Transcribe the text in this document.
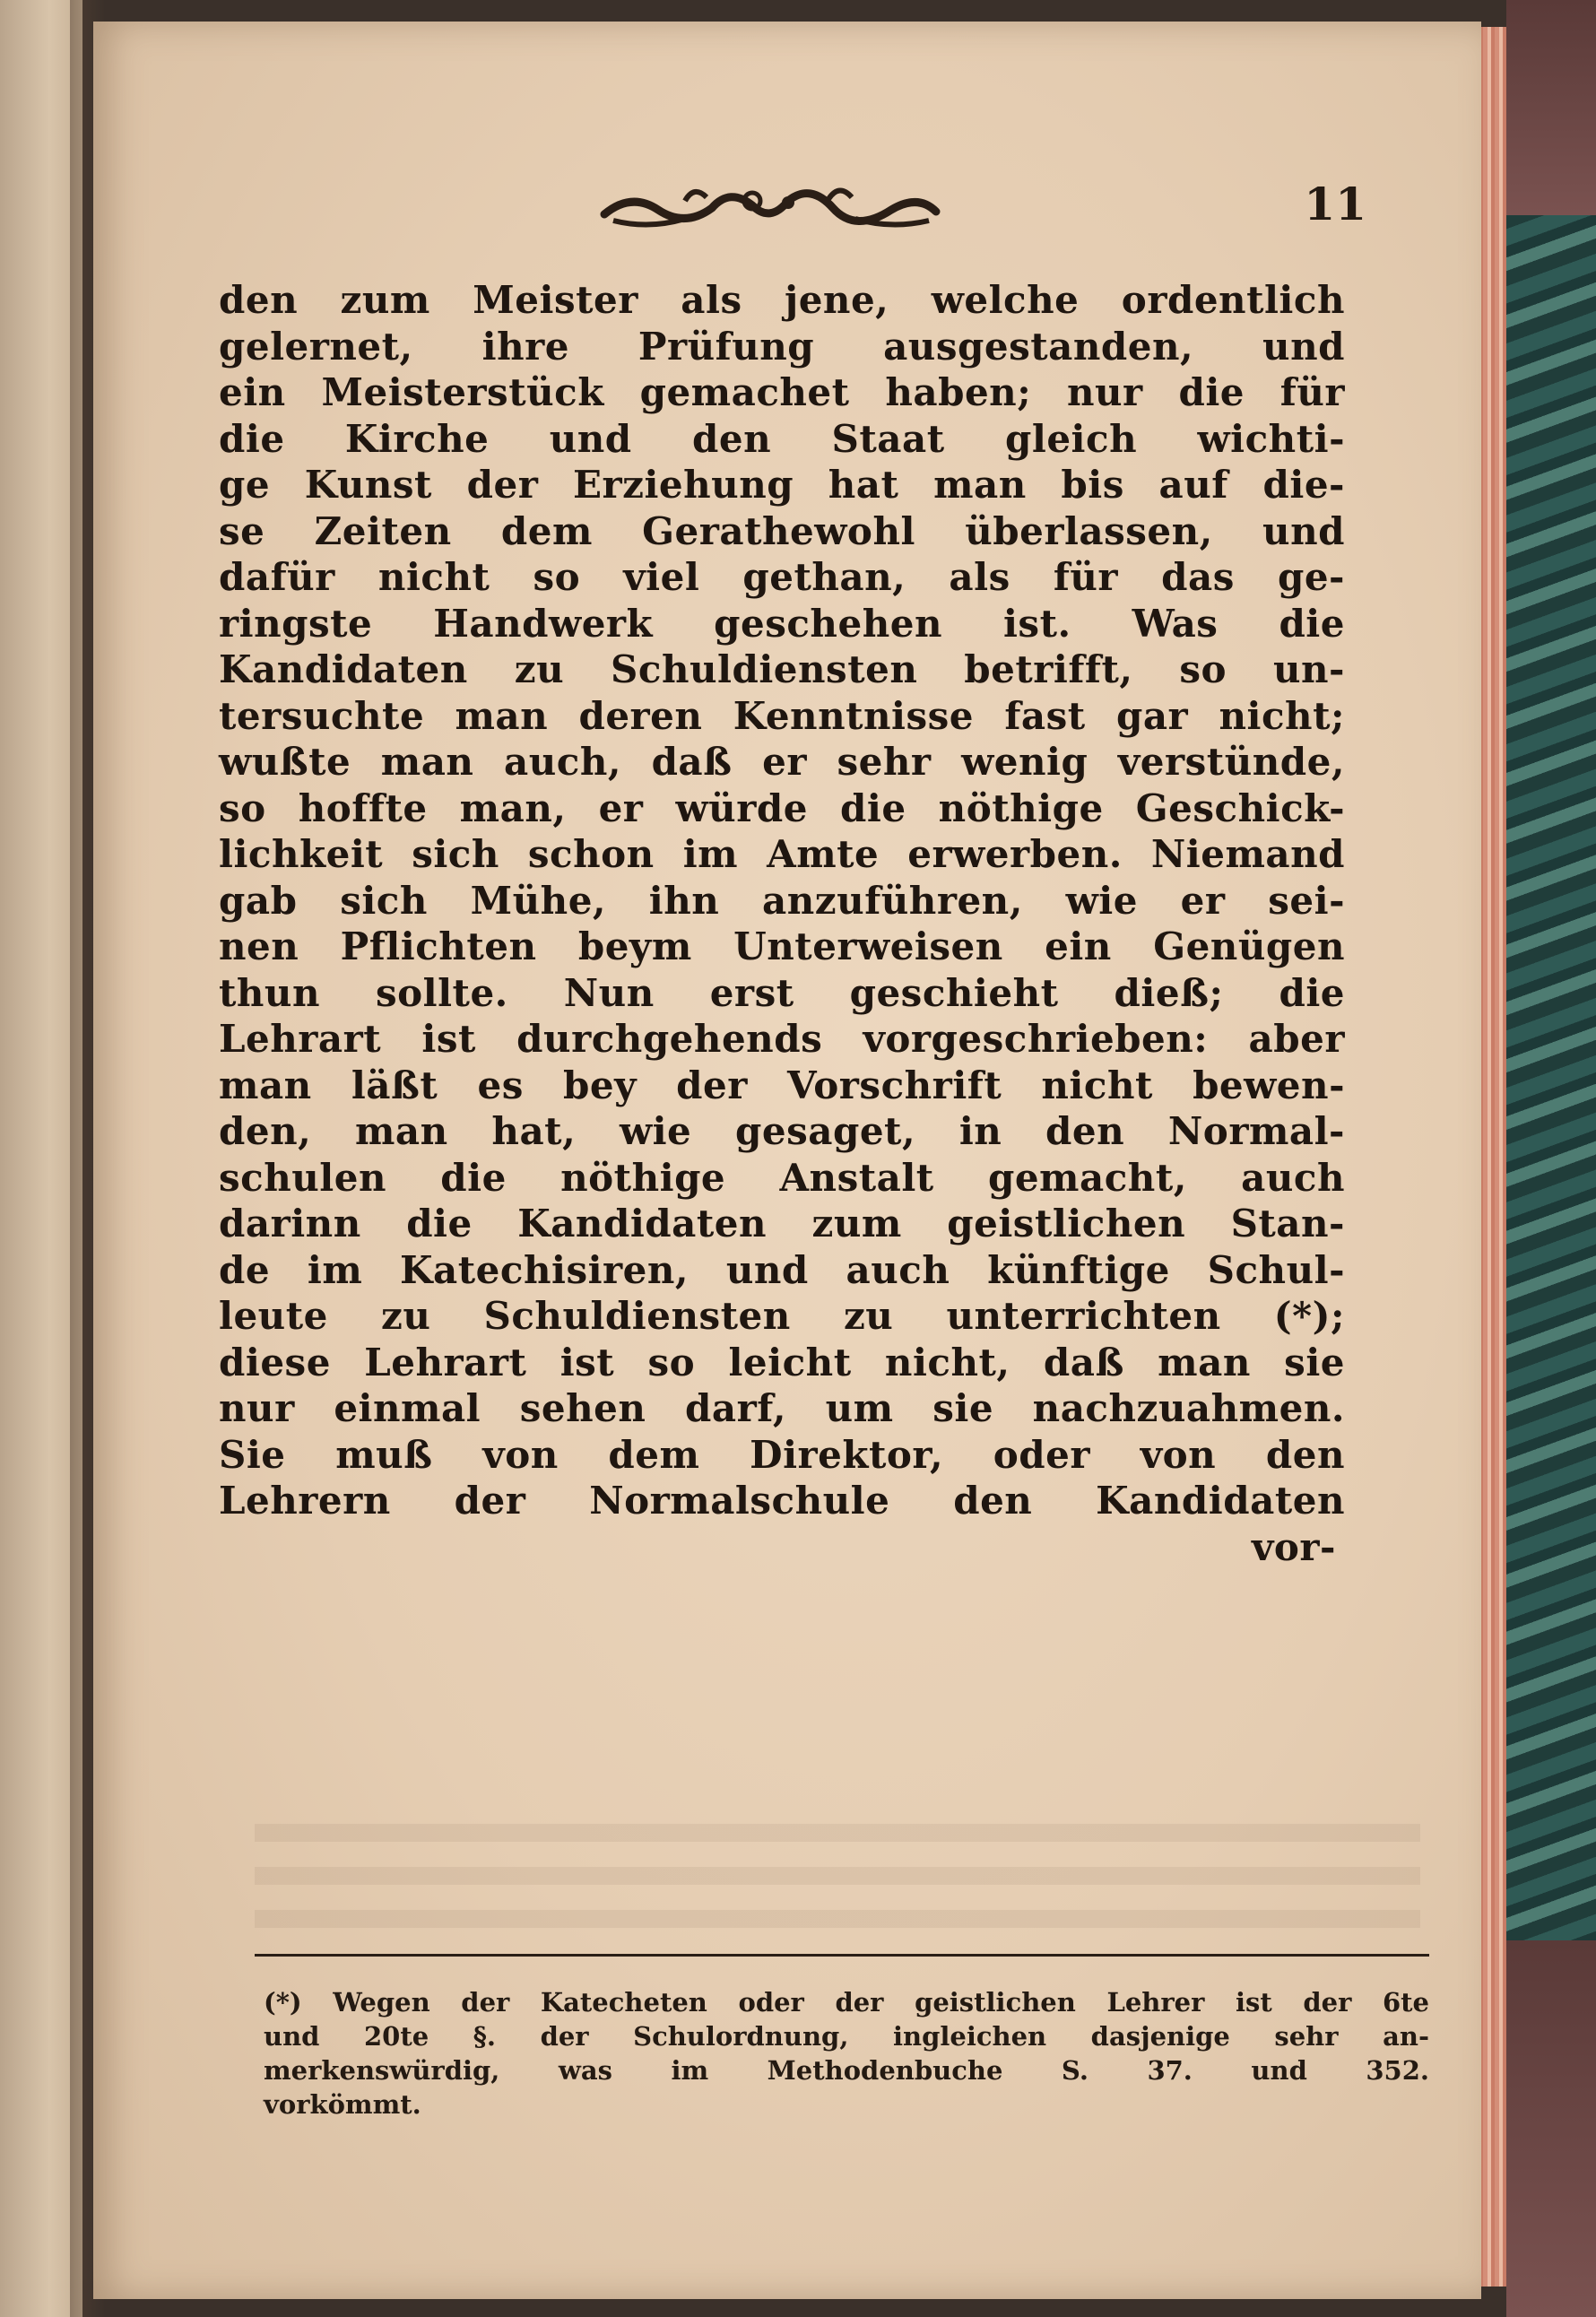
11
den zum Meister als jene, welche ordentlich
gelernet, ihre Prüfung ausgestanden, und
ein Meisterstück gemachet haben; nur die für
die Kirche und den Staat gleich wichti-
ge Kunst der Erziehung hat man bis auf die-
se Zeiten dem Gerathewohl überlassen, und
dafür nicht so viel gethan, als für das ge-
ringste Handwerk geschehen ist. Was die
Kandidaten zu Schuldiensten betrifft, so un-
tersuchte man deren Kenntnisse fast gar nicht;
wußte man auch, daß er sehr wenig verstünde,
so hoffte man, er würde die nöthige Geschick-
lichkeit sich schon im Amte erwerben. Niemand
gab sich Mühe, ihn anzuführen, wie er sei-
nen Pflichten beym Unterweisen ein Genügen
thun sollte. Nun erst geschieht dieß; die
Lehrart ist durchgehends vorgeschrieben: aber
man läßt es bey der Vorschrift nicht bewen-
den, man hat, wie gesaget, in den Normal-
schulen die nöthige Anstalt gemacht, auch
darinn die Kandidaten zum geistlichen Stan-
de im Katechisiren, und auch künftige Schul-
leute zu Schuldiensten zu unterrichten (*);
diese Lehrart ist so leicht nicht, daß man sie
nur einmal sehen darf, um sie nachzuahmen.
Sie muß von dem Direktor, oder von den
Lehrern der Normalschule den Kandidaten
vor-
(*) Wegen der Katecheten oder der geistlichen Lehrer ist der 6te
und 20te §. der Schulordnung, ingleichen dasjenige sehr an-
merkenswürdig, was im Methodenbuche S. 37. und 352.
vorkömmt.
